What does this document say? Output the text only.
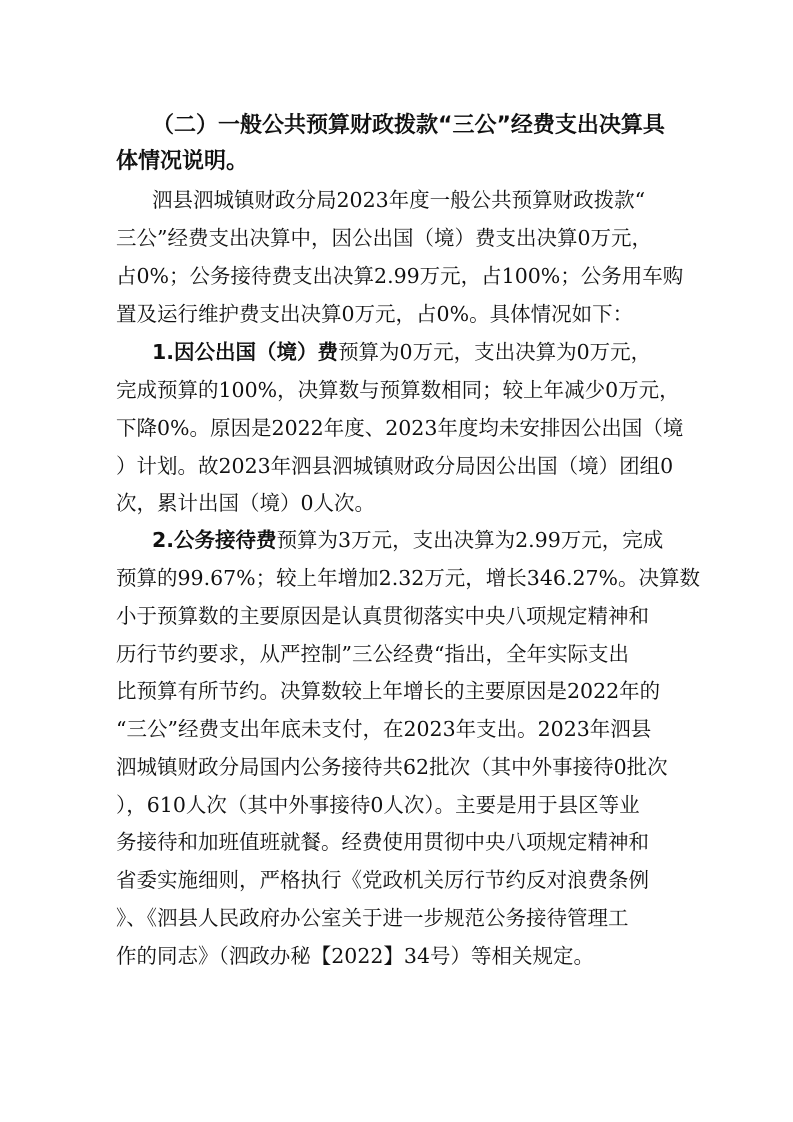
（二）一般公共预算财政拨款“三公”经费支出决算具
体情况说明。
泗县泗城镇财政分局2023年度一般公共预算财政拨款“
三公”经费支出决算中，因公出国（境）费支出决算0万元，
占0%；公务接待费支出决算2.99万元，占100%；公务用车购
置及运行维护费支出决算0万元，占0%。具体情况如下：
1.因公出国（境）费预算为0万元，支出决算为0万元，
完成预算的100%，决算数与预算数相同；较上年减少0万元，
下降0%。原因是2022年度、2023年度均未安排因公出国（境
）计划。故2023年泗县泗城镇财政分局因公出国（境）团组0
次，累计出国（境）0人次。
2.公务接待费预算为3万元，支出决算为2.99万元，完成
预算的99.67%；较上年增加2.32万元，增长346.27%。决算数
小于预算数的主要原因是认真贯彻落实中央八项规定精神和
历行节约要求，从严控制”三公经费“指出，全年实际支出
比预算有所节约。决算数较上年增长的主要原因是2022年的
“三公”经费支出年底未支付，在2023年支出。2023年泗县
泗城镇财政分局国内公务接待共62批次（其中外事接待0批次
），610人次（其中外事接待0人次）。主要是用于县区等业
务接待和加班值班就餐。经费使用贯彻中央八项规定精神和
省委实施细则，严格执行《党政机关厉行节约反对浪费条例
》、《泗县人民政府办公室关于进一步规范公务接待管理工
作的同志》（泗政办秘【2022】34号）等相关规定。
